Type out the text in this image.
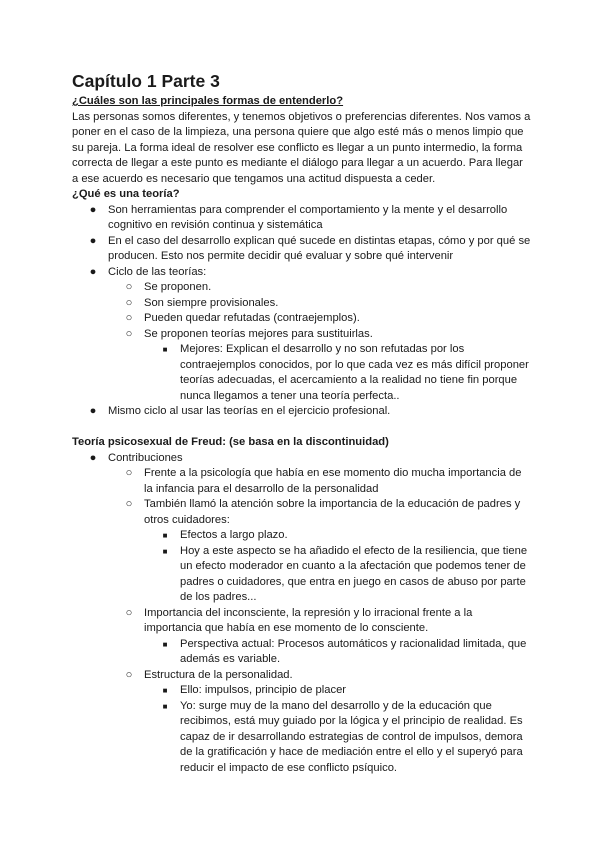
Capítulo 1 Parte 3
¿Cuáles son las principales formas de entenderlo?

Las personas somos diferentes, y tenemos objetivos o preferencias diferentes. Nos vamos a poner en el caso de la limpieza, una persona quiere que algo esté más o menos limpio que su pareja. La forma ideal de resolver ese conflicto es llegar a un punto intermedio, la forma correcta de llegar a este punto es mediante el diálogo para llegar a un acuerdo. Para llegar a ese acuerdo es necesario que tengamos una actitud dispuesta a ceder.

¿Qué es una teoría?
●	Son herramientas para comprender el comportamiento y la mente y el desarrollo cognitivo en revisión continua y sistemática
●	En el caso del desarrollo explican qué sucede en distintas etapas, cómo y por qué se producen. Esto nos permite decidir qué evaluar y sobre qué intervenir
●	Ciclo de las teorías:
○	Se proponen.
○	Son siempre provisionales.
○	Pueden quedar refutadas (contraejemplos).
○	Se proponen teorías mejores para sustituirlas.
■	Mejores: Explican el desarrollo y no son refutadas por los contraejemplos conocidos, por lo que cada vez es más difícil proponer teorías adecuadas, el acercamiento a la realidad no tiene fin porque nunca llegamos a tener una teoría perfecta..
●	Mismo ciclo al usar las teorías en el ejercicio profesional.
Teoría psicosexual de Freud: (se basa en la discontinuidad)
●	Contribuciones
○	Frente a la psicología que había en ese momento dio mucha importancia de la infancia para el desarrollo de la personalidad
○	También llamó la atención sobre la importancia de la educación de padres y otros cuidadores:
■	Efectos a largo plazo.
■	Hoy a este aspecto se ha añadido el efecto de la resiliencia, que tiene un efecto moderador en cuanto a la afectación que podemos tener de padres o cuidadores, que entra en juego en casos de abuso por parte de los padres...
○	Importancia del inconsciente, la represión y lo irracional frente a la importancia que había en ese momento de lo consciente.
■	Perspectiva actual: Procesos automáticos y racionalidad limitada, que además es variable.
○	Estructura de la personalidad.
■	Ello: impulsos, principio de placer
■	Yo: surge muy de la mano del desarrollo y de la educación que recibimos, está muy guiado por la lógica y el principio de realidad. Es capaz de ir desarrollando estrategias de control de impulsos, demora de la gratificación y hace de mediación entre el ello y el superyó para reducir el impacto de ese conflicto psíquico.
